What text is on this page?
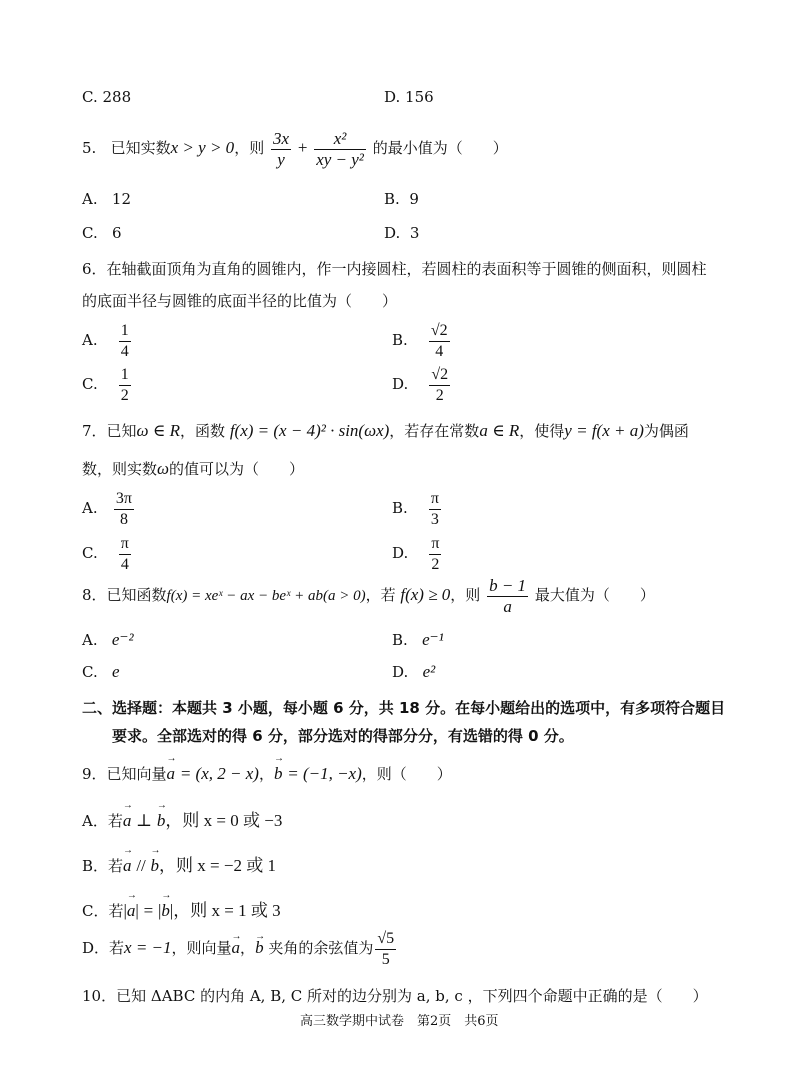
C. 288	D. 156
5. 已知实数x > y > 0，则 $\frac{3x}{y} + \frac{\text{x²}}{\text{xy − y²}}$ 的最小值为（　　）
A. 12	B. 9
C. 6	D. 3
6．在轴截面顶角为直角的圆锥内，作一内接圆柱，若圆柱的表面积等于圆锥的侧面积，则圆柱
的底面半径与圆锥的底面半径的比值为（　　）
A. $\frac{1}{4}$	B. $\frac{√2}{4}$
C. $\frac{1}{2}$	D. $\frac{√2}{2}$
7．已知ω ∈ R，函数 f(x) = (x − 4)² · sin(ωx)，若存在常数a ∈ R，使得y = f(x + a)为偶函
数，则实数ω的值可以为（　　）
A. $\frac{3\pi}{8}$	B. $\frac{\pi}{3}$
C. $\frac{\pi}{4}$	D. $\frac{\pi}{2}$
8．已知函数f(x) = xeˣ − ax − beˣ + ab(a > 0)，若 f(x) ≥ 0，则 $\frac{b - 1}{a}$ 最大值为（　　）
A. e⁻²	B. e⁻¹
C. e	D. e²
二、选择题：本题共 3 小题，每小题 6 分，共 18 分。在每小题给出的选项中，有多项符合题目
要求。全部选对的得 6 分，部分选对的得部分分，有选错的得 0 分。
9．已知向量→ a = (x, 2 − x)，→ b = (−1, −x)，则（　　）
A．若→ a ⊥ → b，则 x = 0 或 −3
B．若→ a // → b，则 x = −2 或 1
C．若|→ a| = |→ b|，则 x = 1 或 3
D．若x = −1，则向量→ a，→ b 夹角的余弦值为 $\frac{√5}{5}$
10．已知 ΔABC 的内角 A, B, C 所对的边分别为 a, b, c ，下列四个命题中正确的是（　　）
高三数学期中试卷　第2页　共6页
